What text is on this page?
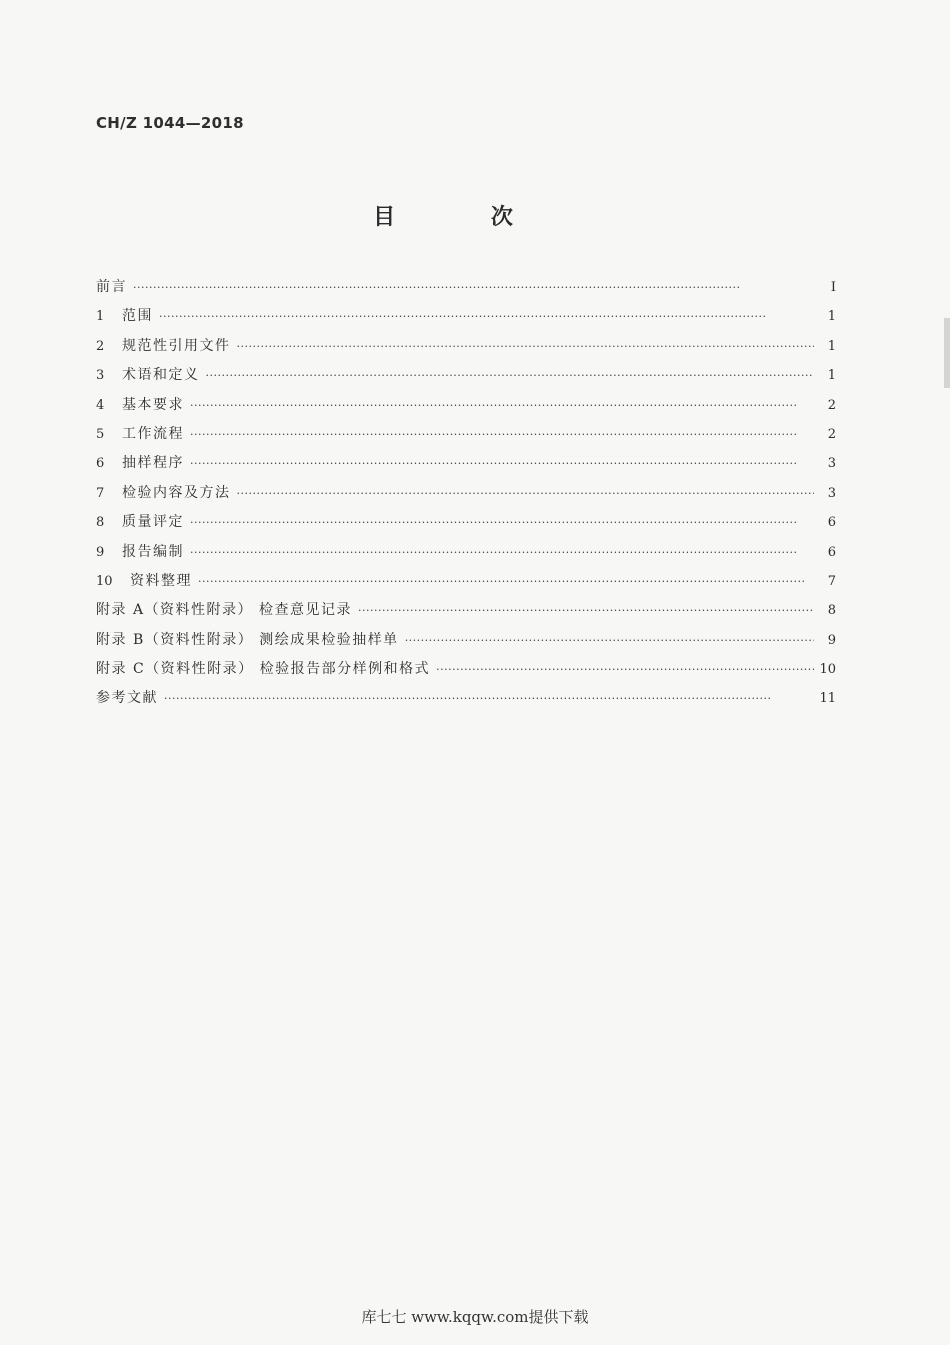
CH/Z 1044—2018
目 次
前言 ·····	I
1	范围 ·····	1
2	规范性引用文件 ·····	1
3	术语和定义 ·····	1
4	基本要求 ·····	2
5	工作流程 ·····	2
6	抽样程序 ·····	3
7	检验内容及方法 ·····	3
8	质量评定 ·····	6
9	报告编制 ·····	6
10	资料整理 ·····	7
附录 A（资料性附录） 检查意见记录 ·····	8
附录 B（资料性附录） 测绘成果检验抽样单 ·····	9
附录 C（资料性附录） 检验报告部分样例和格式 ·····	10
参考文献 ·····	11
库七七 www.kqqw.com提供下载
